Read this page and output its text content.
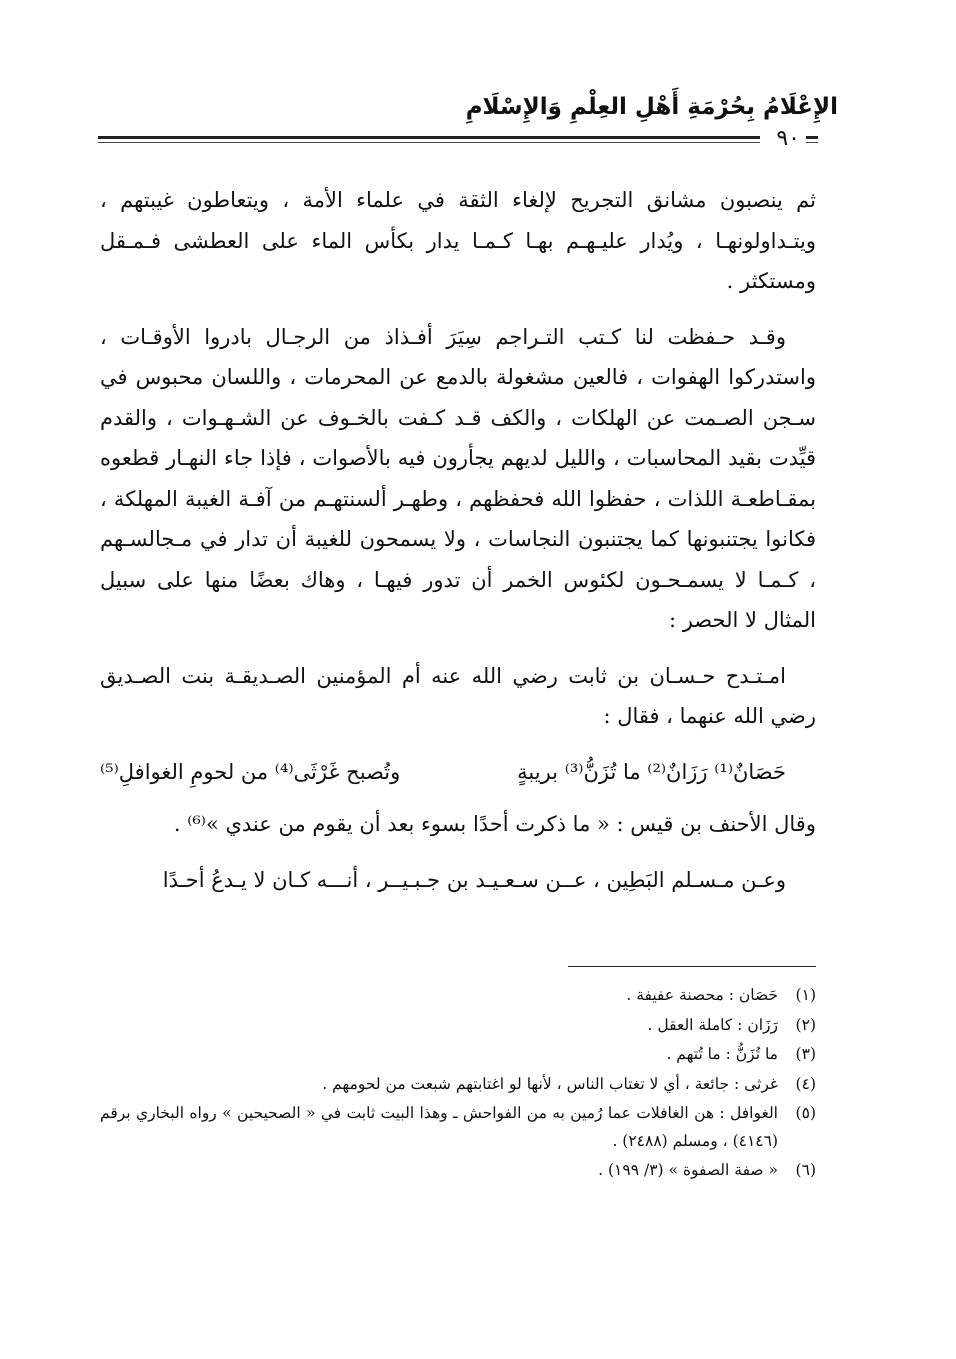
الإِعْلَامُ بِحُرْمَةِ أَهْلِ العِلْمِ وَالإِسْلَامِ
٩٠

ثم ينصبون مشانق التجريح لإلغاء الثقة في علماء الأمة ، ويتعاطون غيبتهم ، ويتـداولونهـا ، ويُدار عليـهـم بهـا كـمـا يدار بكأس الماء على العطشى فـمـقل ومستكثر .

وقـد حـفظت لنا كـتب التـراجم سِيَرَ أفـذاذ من الرجـال بادروا الأوقـات ، واستدركوا الهفوات ، فالعين مشغولة بالدمع عن المحرمات ، واللسان محبوس في سـجن الصـمت عن الهلكات ، والكف قـد كـفت بالخـوف عن الشـهـوات ، والقدم قيِّدت بقيد المحاسبات ، والليل لديهم يجأرون فيه بالأصوات ، فإذا جاء النهـار قطعوه بمقـاطعـة اللذات ، حفظوا الله فحفظهم ، وطهـر ألسنتهـم من آفـة الغيبة المهلكة ، فكانوا يجتنبونها كما يجتنبون النجاسات ، ولا يسمحون للغيبة أن تدار في مـجالسـهم ، كـمـا لا يسمـحـون لكئوس الخمر أن تدور فيهـا ، وهاك بعضًا منها على سبيل المثال لا الحصر :

امـتـدح حـسـان بن ثابت رضي الله عنه أم المؤمنين الصـديقـة بنت الصـديق رضي الله عنهما ، فقال :

حَصَانٌ⁽¹⁾ رَزَانٌ⁽²⁾ ما تُزَنُّ⁽³⁾ بريبةٍ
وتُصبح غَرْثَى⁽⁴⁾ من لحومِ الغوافلِ⁽⁵⁾

وقال الأحنف بن قيس : « ما ذكرت أحدًا بسوء بعد أن يقوم من عندي »⁽⁶⁾ .

وعـن مـسـلم البَطِين ، عــن سـعـيـد بن جـبـيــر ، أنـــه كـان لا يـدعُ أحـدًا

(١)
حَصَان : محصنة عفيفة .
(٢)
رَزَان : كاملة العقل .
(٣)
ما تُزَنُّ : ما تُتهم .
(٤)
غرثى : جائعة ، أي لا تغتاب الناس ، لأنها لو اغتابتهم شبعت من لحومهم .
(٥)
الغوافل : هن الغافلات عما رُمين به من الفواحش ـ وهذا البيت ثابت في « الصحيحين » رواه البخاري برقم (٤١٤٦) ، ومسلم (٢٤٨٨) .
(٦)
« صفة الصفوة » (٣/ ١٩٩) .
